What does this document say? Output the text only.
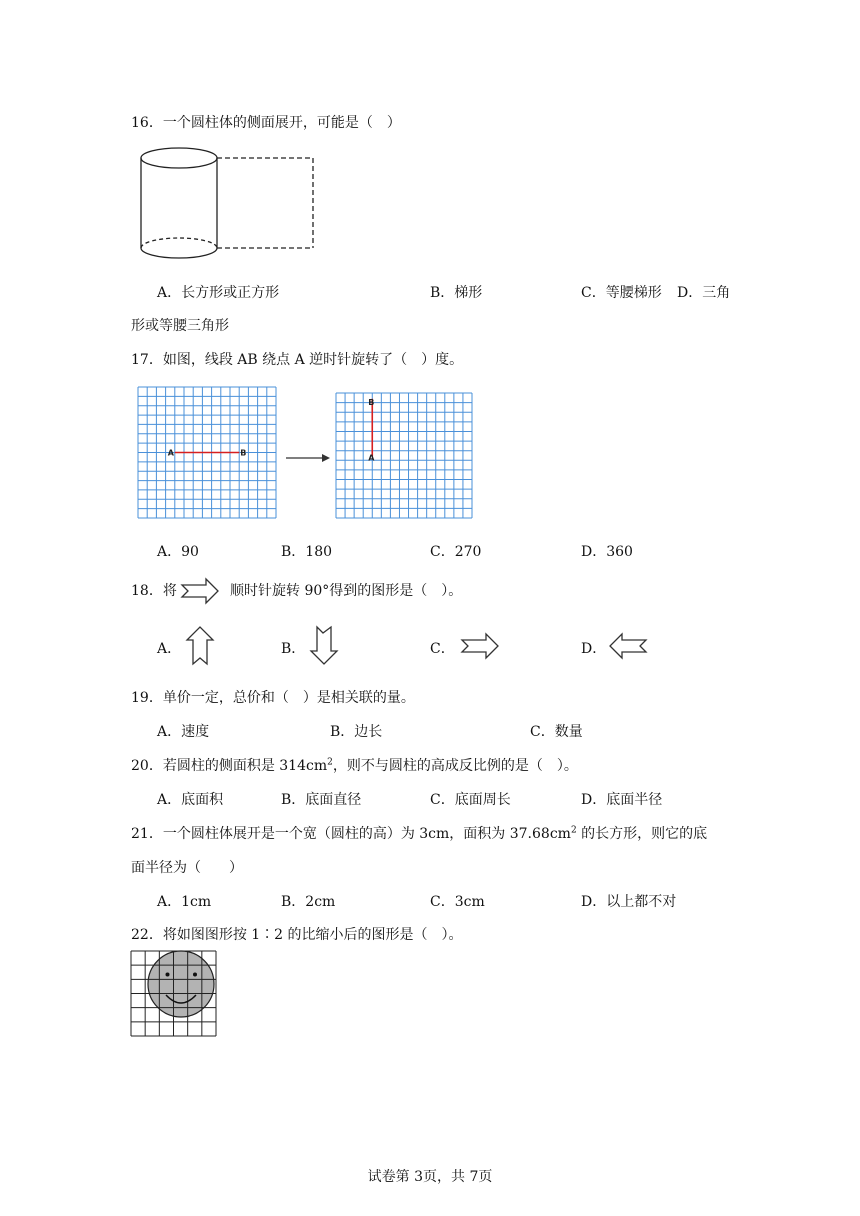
16．一个圆柱体的侧面展开，可能是（　）
A．长方形或正方形	B．梯形	C．等腰梯形 D．三角
形或等腰三角形
17．如图，线段 AB 绕点 A 逆时针旋转了（　）度。
A	B
A
B
A．90	B．180	C．270	D．360
18．将	顺时针旋转 90°得到的图形是（　）。
A．	B．	C．	D．
19．单价一定，总价和（　）是相关联的量。
A．速度	B．边长	C．数量
20．若圆柱的侧面积是 $314cm^2$，则不与圆柱的高成反比例的是（　）。
A．底面积	B．底面直径	C．底面周长	D．底面半径
21．一个圆柱体展开是一个宽（圆柱的高）为 3cm，面积为 $37.68cm^2$ 的长方形，则它的底
面半径为（　　）
A．1cm	B．2cm	C．3cm	D．以上都不对
22．将如图图形按 1∶2 的比缩小后的图形是（　）。
试卷第 3页，共 7页
